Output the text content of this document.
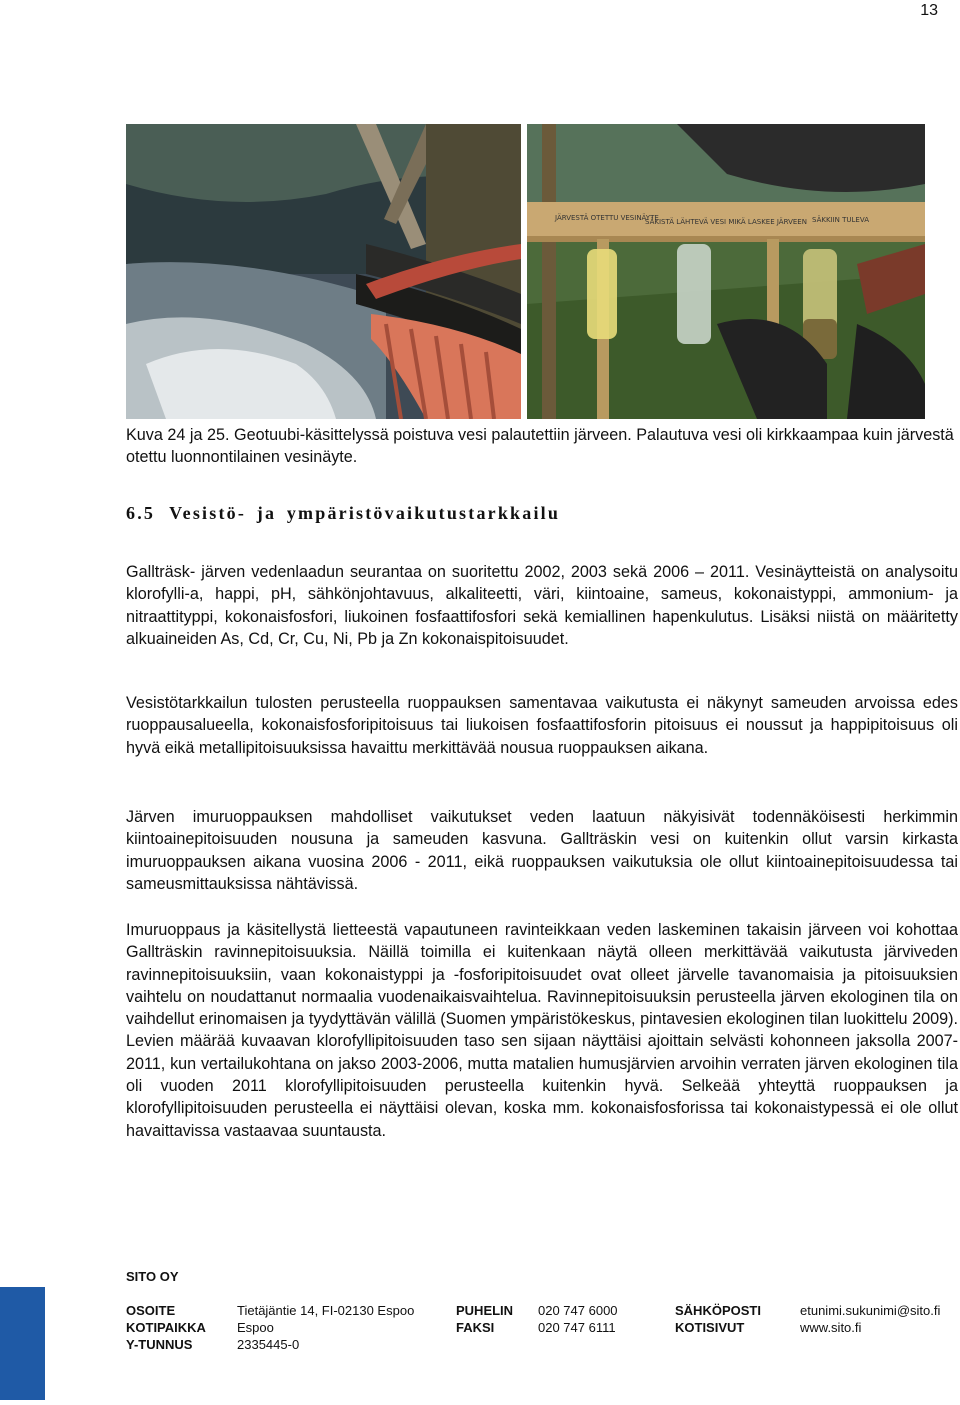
13
JÄRVESTÄ OTETTU VESINÄYTE
SÄKISTÄ LÄHTEVÄ VESI MIKÄ LASKEE JÄRVEEN SÄKKIIN TULEVA
Kuva 24 ja 25. Geotuubi-käsittelyssä poistuva vesi palautettiin järveen. Palautuva vesi oli kirkkaampaa kuin järvestä otettu luonnontilainen vesinäyte.
6.5 Vesistö- ja ympäristövaikutustarkkailu
Gallträsk- järven vedenlaadun seurantaa on suoritettu 2002, 2003 sekä 2006 – 2011. Vesinäytteistä on analysoitu klorofylli-a, happi, pH, sähkönjohtavuus, alkaliteetti, väri, kiintoaine, sameus, kokonaistyppi, ammonium- ja nitraattityppi, kokonaisfosfori, liukoinen fosfaattifosfori sekä kemiallinen hapenkulutus. Lisäksi niistä on määritetty alkuaineiden As, Cd, Cr, Cu, Ni, Pb ja Zn kokonaispitoisuudet.
Vesistötarkkailun tulosten perusteella ruoppauksen samentavaa vaikutusta ei näkynyt sameuden arvoissa edes ruoppausalueella, kokonaisfosforipitoisuus tai liukoisen fosfaattifosforin pitoisuus ei noussut ja happipitoisuus oli hyvä eikä metallipitoisuuksissa havaittu merkittävää nousua ruoppauksen aikana.
Järven imuruoppauksen mahdolliset vaikutukset veden laatuun näkyisivät todennäköisesti herkimmin kiintoainepitoisuuden nousuna ja sameuden kasvuna. Gallträskin vesi on kuitenkin ollut varsin kirkasta imuruoppauksen aikana vuosina 2006 - 2011, eikä ruoppauksen vaikutuksia ole ollut kiintoainepitoisuudessa tai sameusmittauksissa nähtävissä.
Imuruoppaus ja käsitellystä lietteestä vapautuneen ravinteikkaan veden laskeminen takaisin järveen voi kohottaa Gallträskin ravinnepitoisuuksia. Näillä toimilla ei kuitenkaan näytä olleen merkittävää vaikutusta järviveden ravinnepitoisuuksiin, vaan kokonaistyppi ja -fosforipitoisuudet ovat olleet järvelle tavanomaisia ja pitoisuuksien vaihtelu on noudattanut normaalia vuodenaikaisvaihtelua. Ravinnepitoisuuksin perusteella järven ekologinen tila on vaihdellut erinomaisen ja tyydyttävän välillä (Suomen ympäristökeskus, pintavesien ekologinen tilan luokittelu 2009). Levien määrää kuvaavan klorofyllipitoisuuden taso sen sijaan näyttäisi ajoittain selvästi kohonneen jaksolla 2007-2011, kun vertailukohtana on jakso 2003-2006, mutta matalien humusjärvien arvoihin verraten järven ekologinen tila oli vuoden 2011 klorofyllipitoisuuden perusteella kuitenkin hyvä. Selkeää yhteyttä ruoppauksen ja klorofyllipitoisuuden perusteella ei näyttäisi olevan, koska mm. kokonaisfosforissa tai kokonaistypessä ei ole ollut havaittavissa vastaavaa suuntausta.
SITO OY
OSOITE	Tietäjäntie 14, FI-02130 Espoo	PUHELIN 020 747 6000	SÄHKÖPOSTI	etunimi.sukunimi@sito.fi
KOTIPAIKKA Espoo	FAKSI	020 747 6111	KOTISIVUT	www.sito.fi
Y-TUNNUS	2335445-0
